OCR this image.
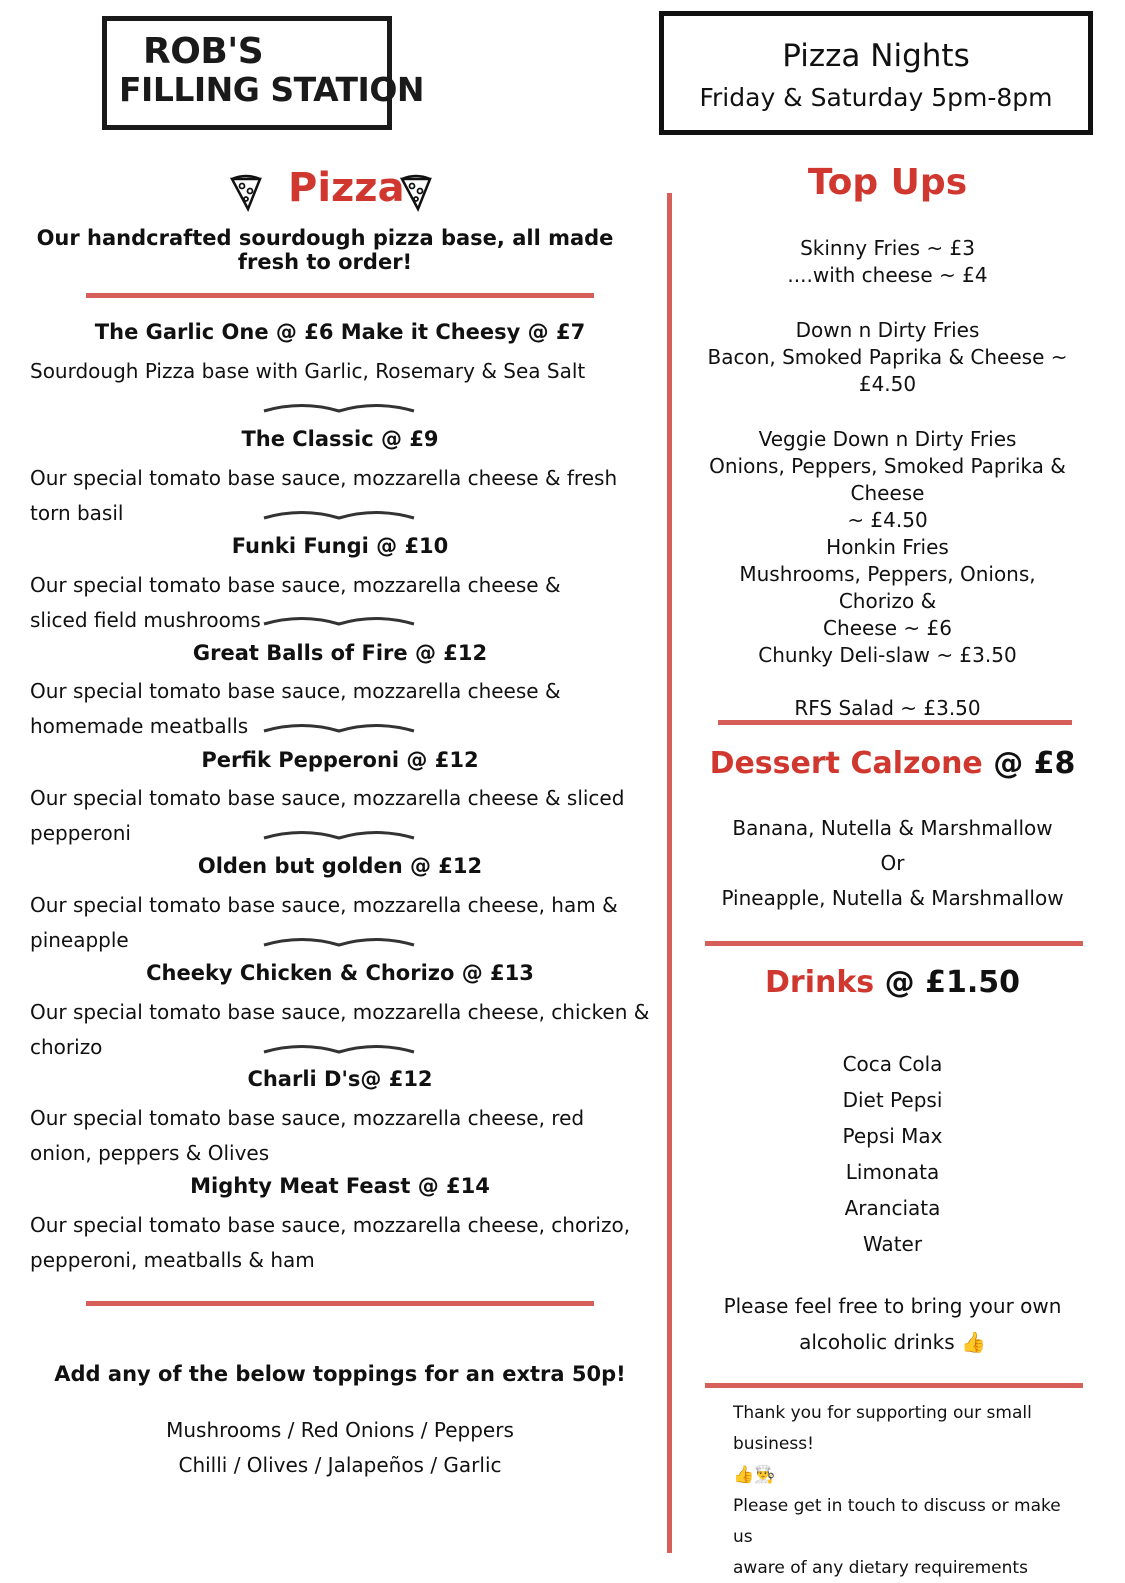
ROB'S
FILLING STATION
Pizza Nights
Friday & Saturday 5pm-8pm
Pizza
Our handcrafted sourdough pizza base, all made fresh to order!
The Garlic One @ £6 Make it Cheesy @ £7
Sourdough Pizza base with Garlic, Rosemary & Sea Salt
The Classic @ £9
Our special tomato base sauce, mozzarella cheese & fresh torn basil
Funki Fungi @ £10
Our special tomato base sauce, mozzarella cheese & sliced field mushrooms
Great Balls of Fire @ £12
Our special tomato base sauce, mozzarella cheese & homemade meatballs
Perfik Pepperoni @ £12
Our special tomato base sauce, mozzarella cheese & sliced pepperoni
Olden but golden @ £12
Our special tomato base sauce, mozzarella cheese, ham & pineapple
Cheeky Chicken & Chorizo @ £13
Our special tomato base sauce, mozzarella cheese, chicken & chorizo
Charli D's@ £12
Our special tomato base sauce, mozzarella cheese, red onion, peppers & Olives
Mighty Meat Feast @ £14
Our special tomato base sauce, mozzarella cheese, chorizo, pepperoni, meatballs & ham
Add any of the below toppings for an extra 50p!
Mushrooms / Red Onions / Peppers
Chilli / Olives / Jalapeños / Garlic
Top Ups
Skinny Fries ~ £3
....with cheese ~ £4
Down n Dirty Fries
Bacon, Smoked Paprika & Cheese ~
£4.50
Veggie Down n Dirty Fries
Onions, Peppers, Smoked Paprika & Cheese
~ £4.50
Honkin Fries
Mushrooms, Peppers, Onions, Chorizo &
Cheese ~ £6
Chunky Deli-slaw ~ £3.50
RFS Salad ~ £3.50
Dessert Calzone @ £8
Banana, Nutella & Marshmallow
Or
Pineapple, Nutella & Marshmallow
Drinks @ £1.50
Coca Cola
Diet Pepsi
Pepsi Max
Limonata
Aranciata
Water
Please feel free to bring your own
alcoholic drinks 👍
Thank you for supporting our small business!
👍👨‍🍳
Please get in touch to discuss or make us
aware of any dietary requirements
